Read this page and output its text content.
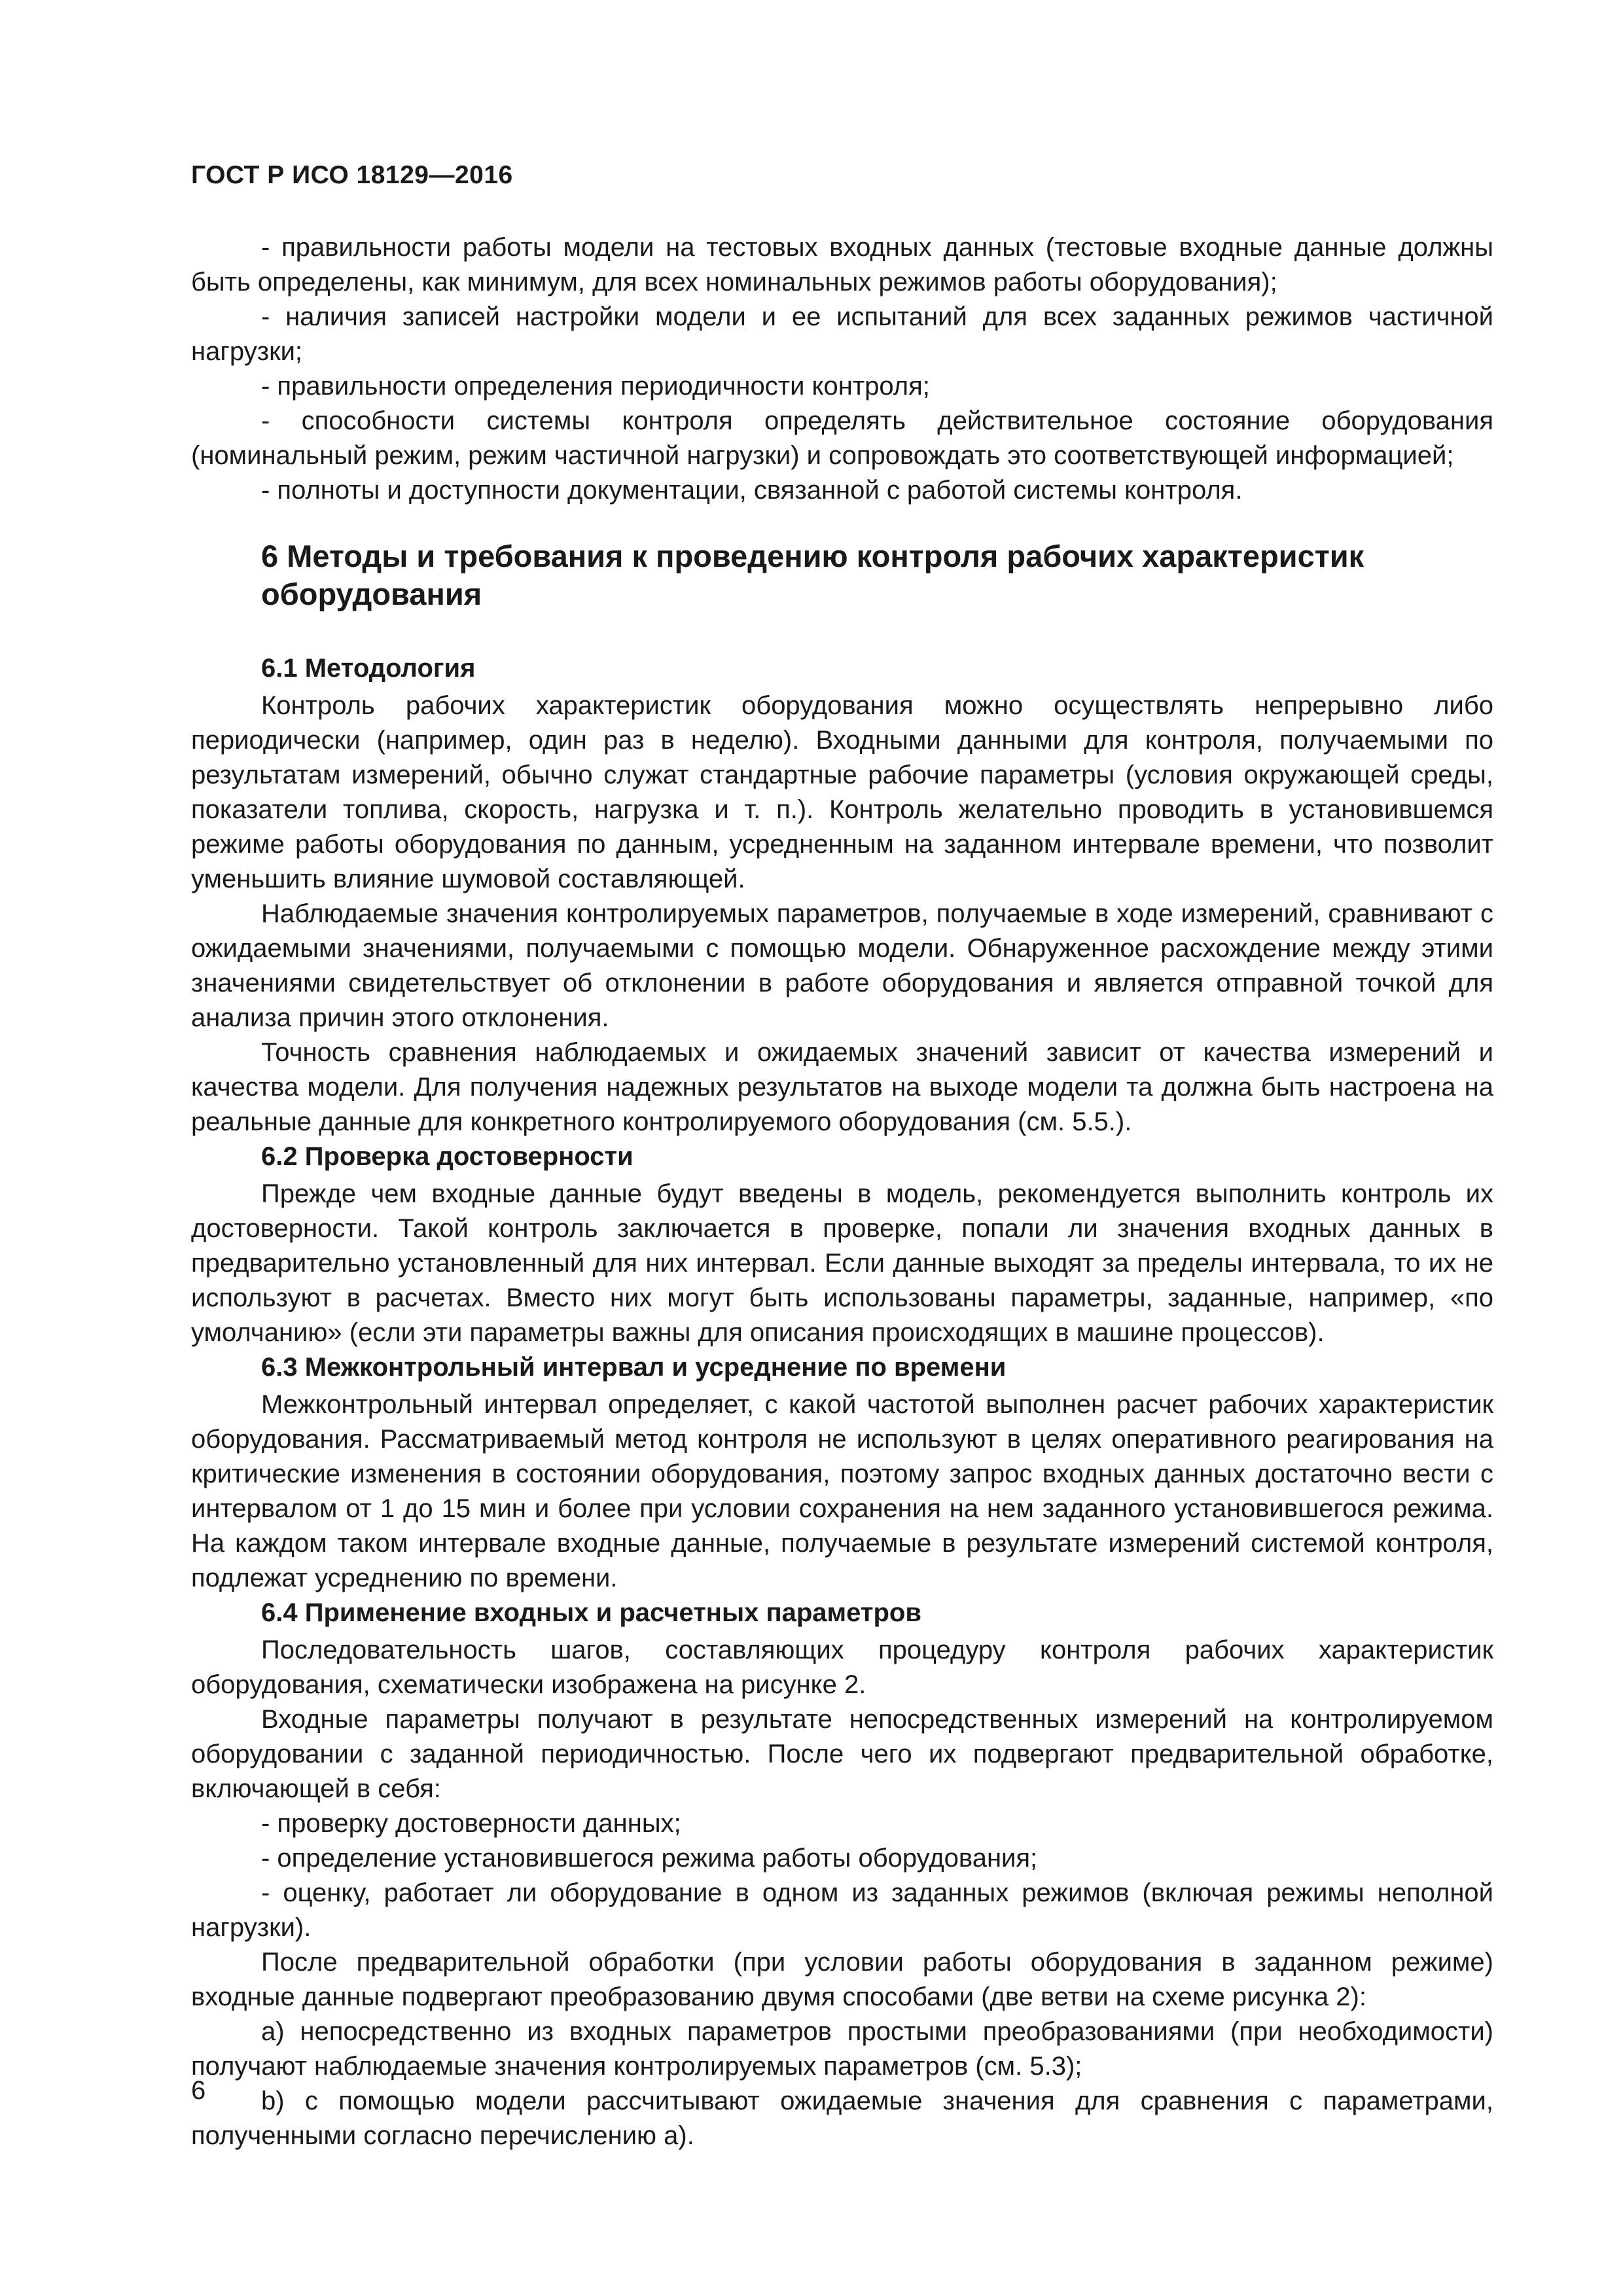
ГОСТ Р ИСО 18129—2016

- правильности работы модели на тестовых входных данных (тестовые входные данные должны быть определены, как минимум, для всех номинальных режимов работы оборудования);

- наличия записей настройки модели и ее испытаний для всех заданных режимов частичной нагрузки;

- правильности определения периодичности контроля;

- способности системы контроля определять действительное состояние оборудования (номинальный режим, режим частичной нагрузки) и сопровождать это соответствующей информацией;

- полноты и доступности документации, связанной с работой системы контроля.

6 Методы и требования к проведению контроля рабочих характеристик оборудования
6.1 Методология

Контроль рабочих характеристик оборудования можно осуществлять непрерывно либо периодически (например, один раз в неделю). Входными данными для контроля, получаемыми по результатам измерений, обычно служат стандартные рабочие параметры (условия окружающей среды, показатели топлива, скорость, нагрузка и т. п.). Контроль желательно проводить в установившемся режиме работы оборудования по данным, усредненным на заданном интервале времени, что позволит уменьшить влияние шумовой составляющей.

Наблюдаемые значения контролируемых параметров, получаемые в ходе измерений, сравнивают с ожидаемыми значениями, получаемыми с помощью модели. Обнаруженное расхождение между этими значениями свидетельствует об отклонении в работе оборудования и является отправной точкой для анализа причин этого отклонения.

Точность сравнения наблюдаемых и ожидаемых значений зависит от качества измерений и качества модели. Для получения надежных результатов на выходе модели та должна быть настроена на реальные данные для конкретного контролируемого оборудования (см. 5.5.).

6.2 Проверка достоверности

Прежде чем входные данные будут введены в модель, рекомендуется выполнить контроль их достоверности. Такой контроль заключается в проверке, попали ли значения входных данных в предварительно установленный для них интервал. Если данные выходят за пределы интервала, то их не используют в расчетах. Вместо них могут быть использованы параметры, заданные, например, «по умолчанию» (если эти параметры важны для описания происходящих в машине процессов).

6.3 Межконтрольный интервал и усреднение по времени

Межконтрольный интервал определяет, с какой частотой выполнен расчет рабочих характеристик оборудования. Рассматриваемый метод контроля не используют в целях оперативного реагирования на критические изменения в состоянии оборудования, поэтому запрос входных данных достаточно вести с интервалом от 1 до 15 мин и более при условии сохранения на нем заданного установившегося режима. На каждом таком интервале входные данные, получаемые в результате измерений системой контроля, подлежат усреднению по времени.

6.4 Применение входных и расчетных параметров

Последовательность шагов, составляющих процедуру контроля рабочих характеристик оборудования, схематически изображена на рисунке 2.

Входные параметры получают в результате непосредственных измерений на контролируемом оборудовании с заданной периодичностью. После чего их подвергают предварительной обработке, включающей в себя:

- проверку достоверности данных;

- определение установившегося режима работы оборудования;

- оценку, работает ли оборудование в одном из заданных режимов (включая режимы неполной нагрузки).

После предварительной обработки (при условии работы оборудования в заданном режиме) входные данные подвергают преобразованию двумя способами (две ветви на схеме рисунка 2):

a) непосредственно из входных параметров простыми преобразованиями (при необходимости) получают наблюдаемые значения контролируемых параметров (см. 5.3);

b) с помощью модели рассчитывают ожидаемые значения для сравнения с параметрами, полученными согласно перечислению а).

6
